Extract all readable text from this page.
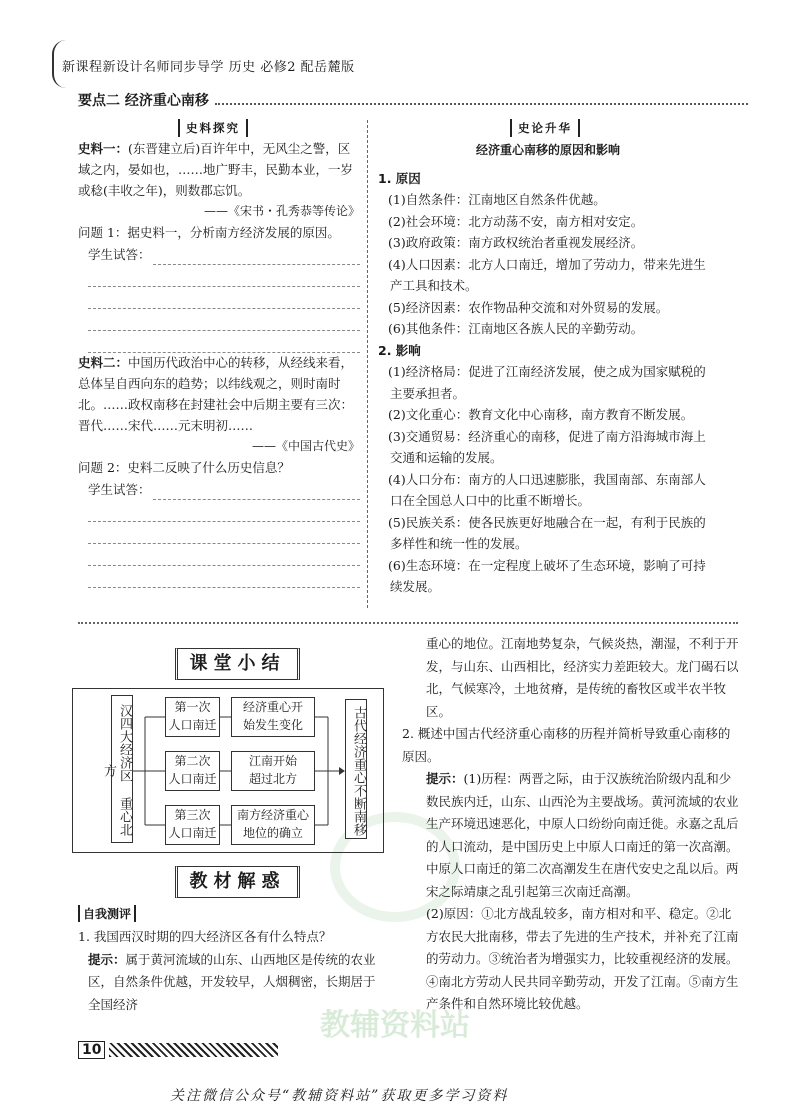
新课程新设计名师同步导学 历史 必修2 配岳麓版
要点二 经济重心南移
史料探究

史料一：(东晋建立后)百许年中，无风尘之警，区域之内，晏如也，……地广野丰，民勤本业，一岁或稔(丰收之年)，则数郡忘饥。

——《宋书・孔秀恭等传论》

问题 1：据史料一，分析南方经济发展的原因。

学生试答：

史料二：中国历代政治中心的转移，从经线来看，总体呈自西向东的趋势；以纬线观之，则时南时北。……政权南移在封建社会中后期主要有三次：晋代……宋代……元末明初……

——《中国古代史》

问题 2：史料二反映了什么历史信息？

学生试答：
史论升华

经济重心南移的原因和影响

1. 原因

(1)自然条件：江南地区自然条件优越。

(2)社会环境：北方动荡不安，南方相对安定。

(3)政府政策：南方政权统治者重视发展经济。

(4)人口因素：北方人口南迁，增加了劳动力，带来先进生产工具和技术。

(5)经济因素：农作物品种交流和对外贸易的发展。

(6)其他条件：江南地区各族人民的辛勤劳动。

2. 影响

(1)经济格局：促进了江南经济发展，使之成为国家赋税的主要承担者。

(2)文化重心：教育文化中心南移，南方教育不断发展。

(3)交通贸易：经济重心的南移，促进了南方沿海城市海上交通和运输的发展。

(4)人口分布：南方的人口迅速膨胀，我国南部、东南部人口在全国总人口中的比重不断增长。

(5)民族关系：使各民族更好地融合在一起，有利于民族的多样性和统一性的发展。

(6)生态环境：在一定程度上破坏了生态环境，影响了可持续发展。

教辅资料站
课堂小结
汉四大经济区 重心北方
第一次
人口南迁
经济重心开
始发生变化
第二次
人口南迁
江南开始
超过北方
第三次
人口南迁
南方经济重心
地位的确立	古代经济重心不断南移
教材解惑
自我测评

1. 我国西汉时期的四大经济区各有什么特点？

提示：属于黄河流域的山东、山西地区是传统的农业区，自然条件优越，开发较早，人烟稠密，长期居于全国经济

重心的地位。江南地势复杂，气候炎热，潮湿，不利于开发，与山东、山西相比，经济实力差距较大。龙门碣石以北，气候寒冷，土地贫瘠，是传统的畜牧区或半农半牧区。

2. 概述中国古代经济重心南移的历程并简析导致重心南移的原因。

提示：(1)历程：两晋之际，由于汉族统治阶级内乱和少数民族内迁，山东、山西沦为主要战场。黄河流域的农业生产环境迅速恶化，中原人口纷纷向南迁徙。永嘉之乱后的人口流动，是中国历史上中原人口南迁的第一次高潮。中原人口南迁的第二次高潮发生在唐代安史之乱以后。两宋之际靖康之乱引起第三次南迁高潮。

(2)原因：①北方战乱较多，南方相对和平、稳定。②北方农民大批南移，带去了先进的生产技术，并补充了江南的劳动力。③统治者为增强实力，比较重视经济的发展。④南北方劳动人民共同辛勤劳动，开发了江南。⑤南方生产条件和自然环境比较优越。

10
关注微信公众号“教辅资料站”获取更多学习资料
